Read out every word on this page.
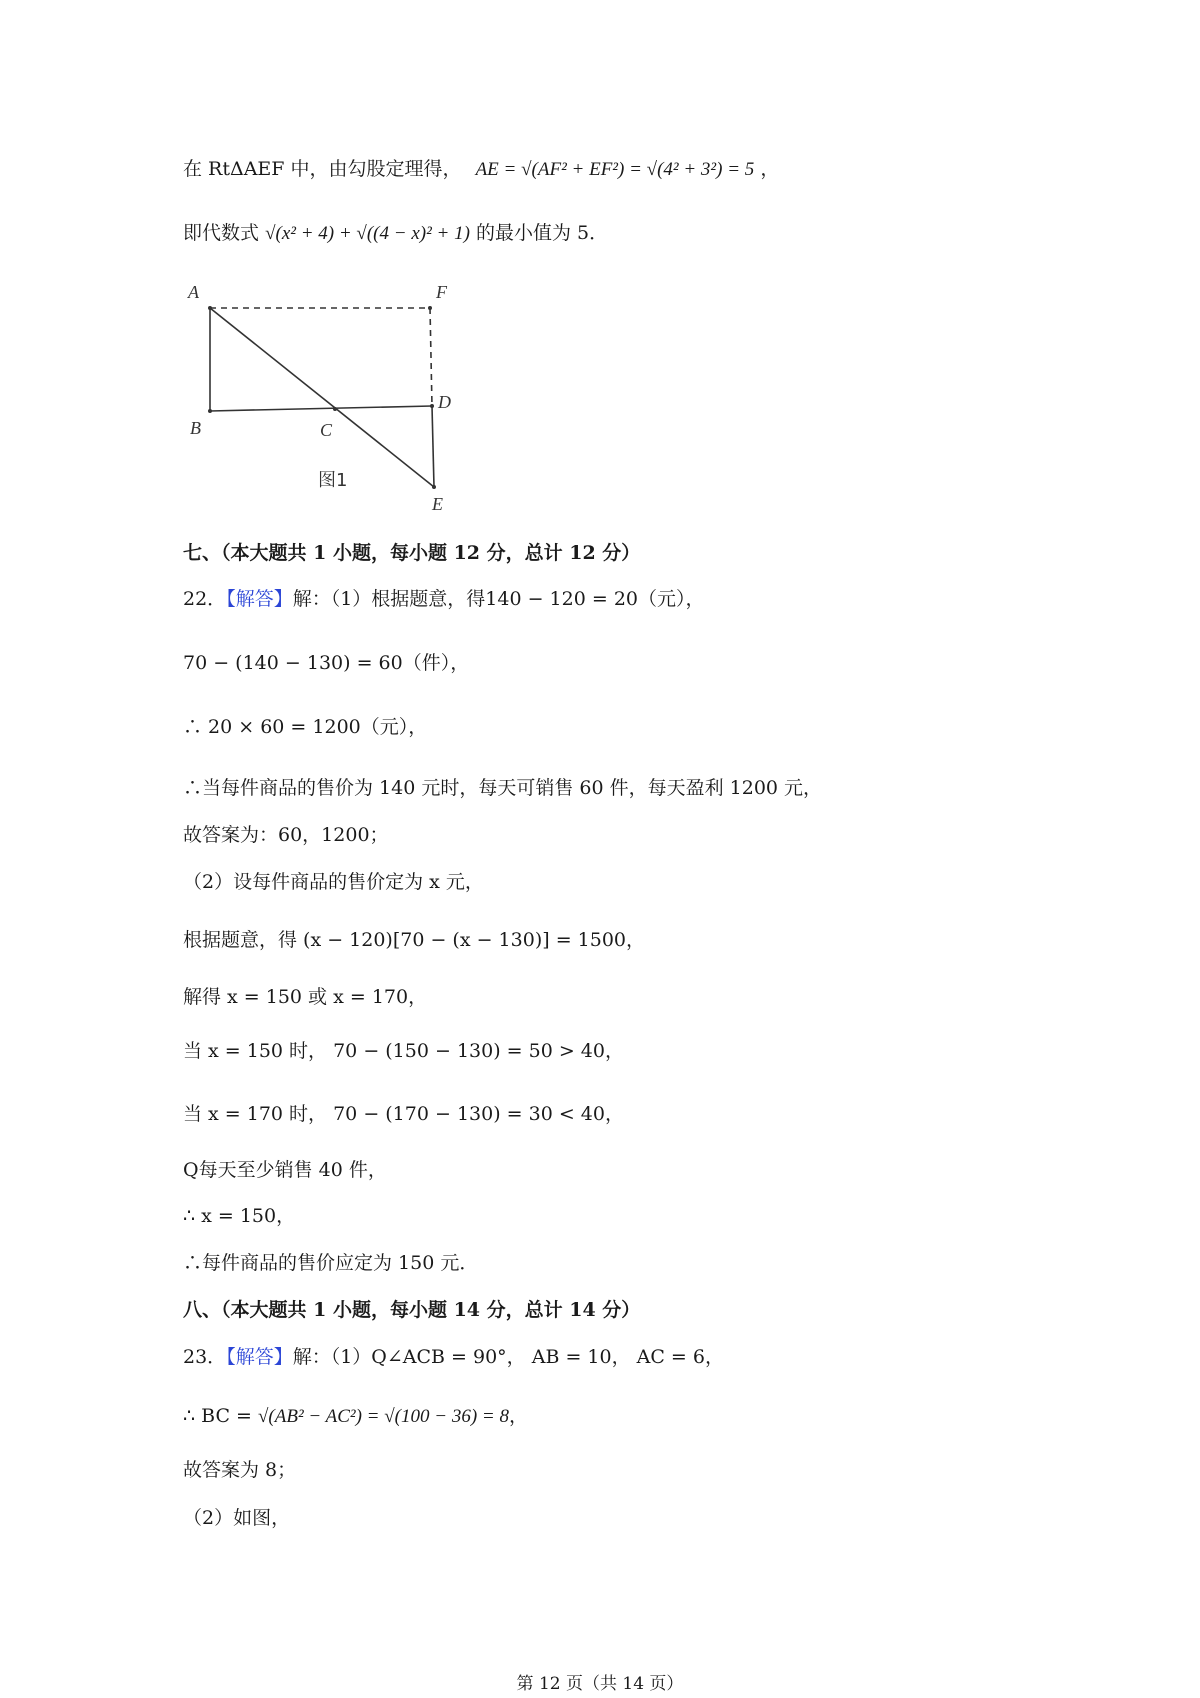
在 RtΔAEF 中，由勾股定理得， AE = √(AF² + EF²) = √(4² + 3²) = 5 ，
即代数式 √(x² + 4) + √((4 − x)² + 1) 的最小值为 5．
A	F
B	C
D
E
图1
七、（本大题共 1 小题，每小题 12 分，总计 12 分）
22．【解答】解：（1）根据题意，得140 − 120 = 20（元），
70 − (140 − 130) = 60（件），
∴ 20 × 60 = 1200（元），
∴当每件商品的售价为 140 元时，每天可销售 60 件，每天盈利 1200 元，
故答案为：60，1200；
（2）设每件商品的售价定为 x 元，
根据题意，得 (x − 120)[70 − (x − 130)] = 1500，
解得 x = 150 或 x = 170，
当 x = 150 时， 70 − (150 − 130) = 50 > 40，
当 x = 170 时， 70 − (170 − 130) = 30 < 40，
Q每天至少销售 40 件，
∴ x = 150，
∴每件商品的售价应定为 150 元．
八、（本大题共 1 小题，每小题 14 分，总计 14 分）
23．【解答】解：（1）Q∠ACB = 90°， AB = 10， AC = 6，
∴ BC = √(AB² − AC²) = √(100 − 36) = 8，
故答案为 8；
（2）如图，
第 12 页（共 14 页）
